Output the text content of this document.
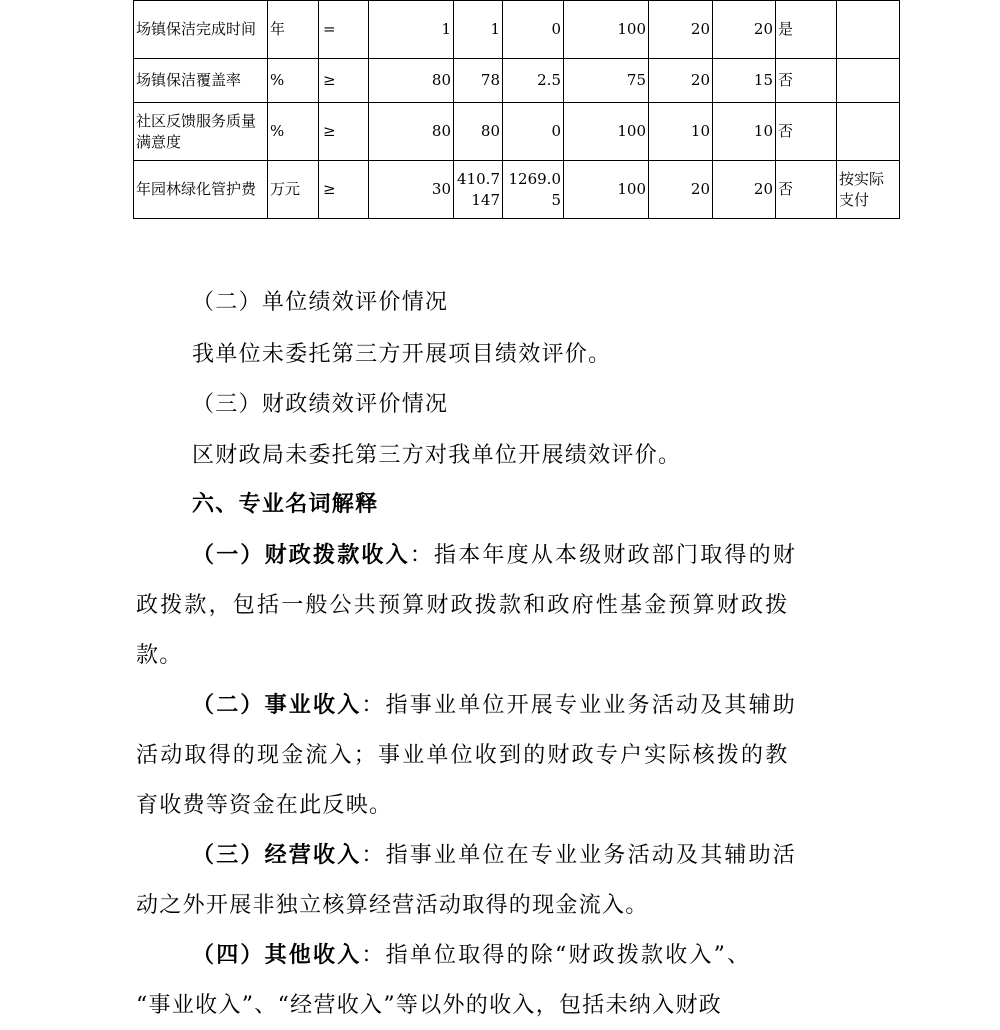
场镇保洁完成时间	年	=	1	1	0	100	20	20	是	
场镇保洁覆盖率	%	≥	80	78	2.5	75	20	15	否	
社区反馈服务质量满意度	%	≥	80	80	0	100	10	10	否	
年园林绿化管护费	万元	≥	30	410.7147	1269.05	100	20	20	否	按实际支付
（二）单位绩效评价情况
我单位未委托第三方开展项目绩效评价。
（三）财政绩效评价情况
区财政局未委托第三方对我单位开展绩效评价。
六、专业名词解释
（一）财政拨款收入：指本年度从本级财政部门取得的财
政拨款，包括一般公共预算财政拨款和政府性基金预算财政拨
款。
（二）事业收入：指事业单位开展专业业务活动及其辅助
活动取得的现金流入；事业单位收到的财政专户实际核拨的教
育收费等资金在此反映。
（三）经营收入：指事业单位在专业业务活动及其辅助活
动之外开展非独立核算经营活动取得的现金流入。
（四）其他收入：指单位取得的除“财政拨款收入”、
“事业收入”、“经营收入”等以外的收入，包括未纳入财政
